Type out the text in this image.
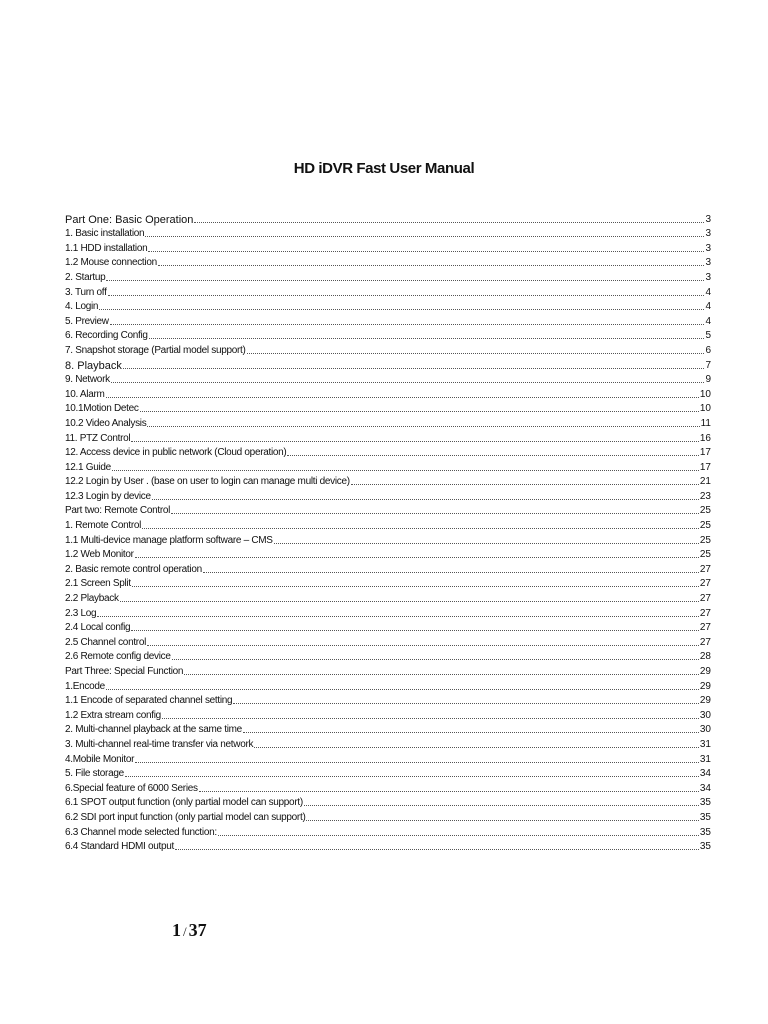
HD iDVR Fast User Manual
Part One: Basic Operation	3
1. Basic installation	3
1.1 HDD installation	3
1.2 Mouse connection	3
2. Startup	3
3. Turn off	4
4. Login	4
5. Preview	4
6. Recording Config	5
7. Snapshot storage (Partial model support)	6
8. Playback	7
9. Network	9
10. Alarm	10
10.1Motion Detec	10
10.2 Video Analysis	11
11. PTZ Control	16
12. Access device in public network (Cloud operation)	17
12.1 Guide	17
12.2 Login by User . (base on user to login can manage multi device)	21
12.3 Login by device	23
Part two: Remote Control	25
1. Remote Control	25
1.1 Multi-device manage platform software – CMS	25
1.2 Web Monitor	25
2. Basic remote control operation	27
2.1 Screen Split	27
2.2 Playback	27
2.3 Log	27
2.4 Local config	27
2.5 Channel control	27
2.6 Remote config device	28
Part Three: Special Function	29
1.Encode	29
1.1 Encode of separated channel setting	29
1.2 Extra stream config	30
2. Multi-channel playback at the same time	30
3. Multi-channel real-time transfer via network	31
4.Mobile Monitor	31
5. File storage	34
6.Special feature of 6000 Series	34
6.1 SPOT output function (only partial model can support)	35
6.2 SDI port input function (only partial model can support)	35
6.3 Channel mode selected function:	35
6.4 Standard HDMI output	35
1 / 37
